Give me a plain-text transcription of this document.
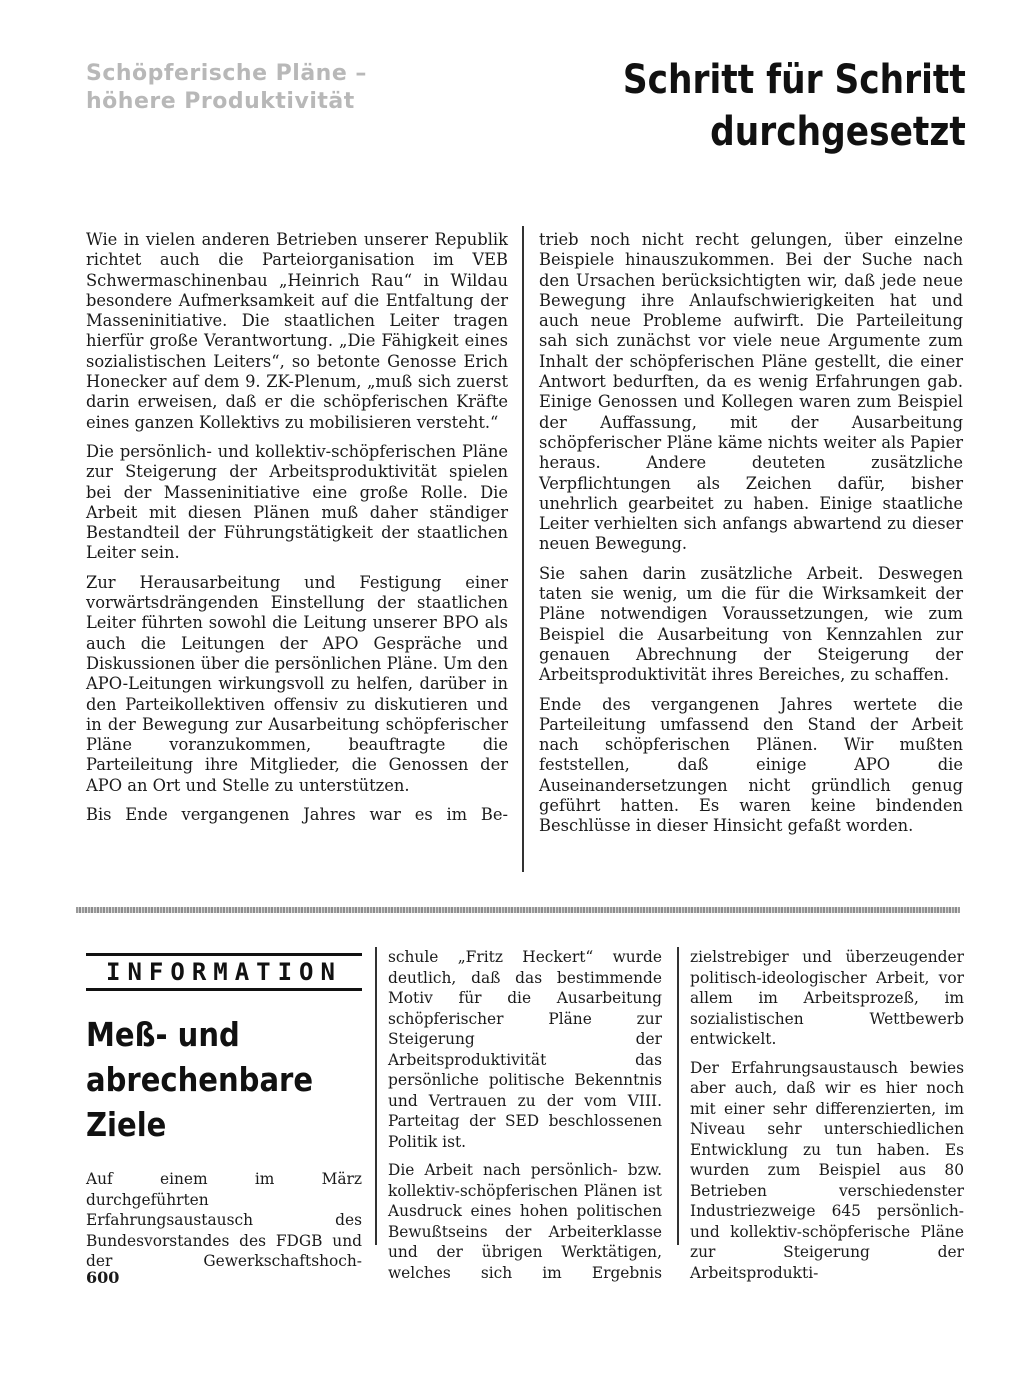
Schöpferische Pläne –
höhere Produktivität	Schritt für Schritt
durchgesetzt

Wie in vielen anderen Betrieben unserer Republik richtet auch die Parteiorganisation im VEB Schwermaschinenbau „Heinrich Rau“ in Wildau besondere Aufmerksamkeit auf die Entfaltung der Masseninitiative. Die staatlichen Leiter tragen hierfür große Verantwortung. „Die Fähigkeit eines sozialistischen Leiters“, so betonte Genosse Erich Honecker auf dem 9. ZK-Plenum, „muß sich zuerst darin erweisen, daß er die schöpferischen Kräfte eines ganzen Kollektivs zu mobilisieren versteht.“

Die persönlich- und kollektiv-schöpferischen Pläne zur Steigerung der Arbeitsproduktivität spielen bei der Masseninitiative eine große Rolle. Die Arbeit mit diesen Plänen muß daher ständiger Bestandteil der Führungstätigkeit der staatlichen Leiter sein.

Zur Herausarbeitung und Festigung einer vorwärtsdrängenden Einstellung der staatlichen Leiter führten sowohl die Leitung unserer BPO als auch die Leitungen der APO Gespräche und Diskussionen über die persönlichen Pläne. Um den APO-Leitungen wirkungsvoll zu helfen, darüber in den Parteikollektiven offensiv zu diskutieren und in der Bewegung zur Ausarbeitung schöpferischer Pläne voranzukommen, beauftragte die Parteileitung ihre Mitglieder, die Genossen der APO an Ort und Stelle zu unterstützen.

Bis Ende vergangenen Jahres war es im Be-

trieb noch nicht recht gelungen, über einzelne Beispiele hinauszukommen. Bei der Suche nach den Ursachen berücksichtigten wir, daß jede neue Bewegung ihre Anlaufschwierigkeiten hat und auch neue Probleme aufwirft. Die Parteileitung sah sich zunächst vor viele neue Argumente zum Inhalt der schöpferischen Pläne gestellt, die einer Antwort bedurften, da es wenig Erfahrungen gab. Einige Genossen und Kollegen waren zum Beispiel der Auffassung, mit der Ausarbeitung schöpferischer Pläne käme nichts weiter als Papier heraus. Andere deuteten zusätzliche Verpflichtungen als Zeichen dafür, bisher unehrlich gearbeitet zu haben. Einige staatliche Leiter verhielten sich anfangs abwartend zu dieser neuen Bewegung.

Sie sahen darin zusätzliche Arbeit. Deswegen taten sie wenig, um die für die Wirksamkeit der Pläne notwendigen Voraussetzungen, wie zum Beispiel die Ausarbeitung von Kennzahlen zur genauen Abrechnung der Steigerung der Arbeitsproduktivität ihres Bereiches, zu schaffen.

Ende des vergangenen Jahres wertete die Parteileitung umfassend den Stand der Arbeit nach schöpferischen Plänen. Wir mußten feststellen, daß einige APO die Auseinandersetzungen nicht gründlich genug geführt hatten. Es waren keine bindenden Beschlüsse in dieser Hinsicht gefaßt worden.

INFORMATION
Meß- und
abrechenbare
Ziele

Auf einem im März durchgeführten Erfahrungsaustausch des Bundesvorstandes des FDGB und der Gewerkschaftshoch-

schule „Fritz Heckert“ wurde deutlich, daß das bestimmende Motiv für die Ausarbeitung schöpferischer Pläne zur Steigerung der Arbeitsproduktivität das persönliche politische Bekenntnis und Vertrauen zu der vom VIII. Parteitag der SED beschlossenen Politik ist.

Die Arbeit nach persönlich- bzw. kollektiv-schöpferischen Plänen ist Ausdruck eines hohen politischen Bewußtseins der Arbeiterklasse und der übrigen Werktätigen, welches sich im Ergebnis

zielstrebiger und überzeugender politisch-ideologischer Arbeit, vor allem im Arbeitsprozeß, im sozialistischen Wettbewerb entwickelt.

Der Erfahrungsaustausch bewies aber auch, daß wir es hier noch mit einer sehr differenzierten, im Niveau sehr unterschiedlichen Entwicklung zu tun haben. Es wurden zum Beispiel aus 80 Betrieben verschiedenster Industriezweige 645 persönlich- und kollektiv-schöpferische Pläne zur Steigerung der Arbeitsprodukti-

600
